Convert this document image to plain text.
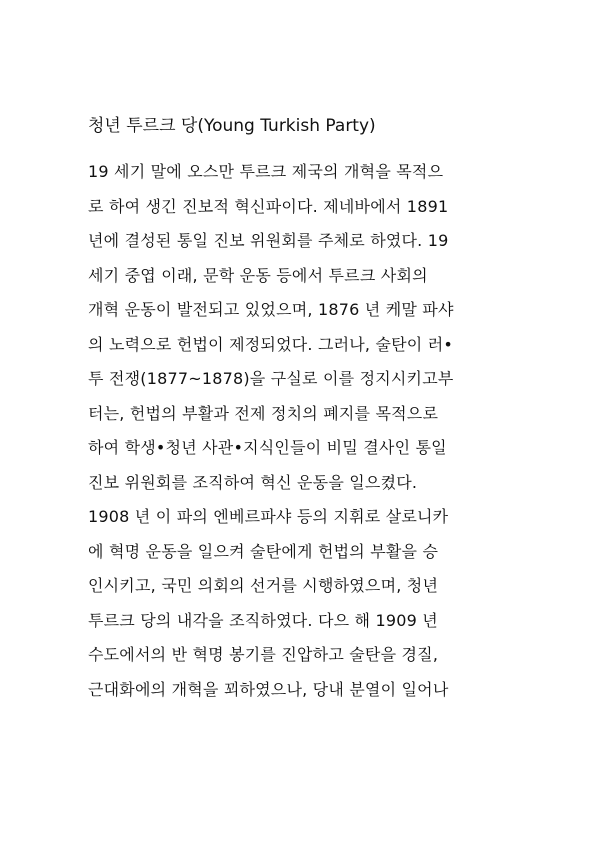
청년 투르크 당(Young Turkish Party)
19 세기 말에 오스만 투르크 제국의 개혁을 목적으
로 하여 생긴 진보적 혁신파이다. 제네바에서 1891
년에 결성된 통일 진보 위원회를 주체로 하였다. 19
세기 중엽 이래, 문학 운동 등에서 투르크 사회의
개혁 운동이 발전되고 있었으며, 1876 년 케말 파샤
의 노력으로 헌법이 제정되었다. 그러나, 술탄이 러•
투 전쟁(1877~1878)을 구실로 이를 정지시키고부
터는, 헌법의 부활과 전제 정치의 폐지를 목적으로
하여 학생•청년 사관•지식인들이 비밀 결사인 통일
진보 위원회를 조직하여 혁신 운동을 일으켰다.
1908 년 이 파의 엔베르파샤 등의 지휘로 살로니카
에 혁명 운동을 일으켜 술탄에게 헌법의 부활을 승
인시키고, 국민 의회의 선거를 시행하였으며, 청년
투르크 당의 내각을 조직하였다. 다으 해 1909 년
수도에서의 반 혁명 봉기를 진압하고 술탄을 경질,
근대화에의 개혁을 꾀하였으나, 당내 분열이 일어나
